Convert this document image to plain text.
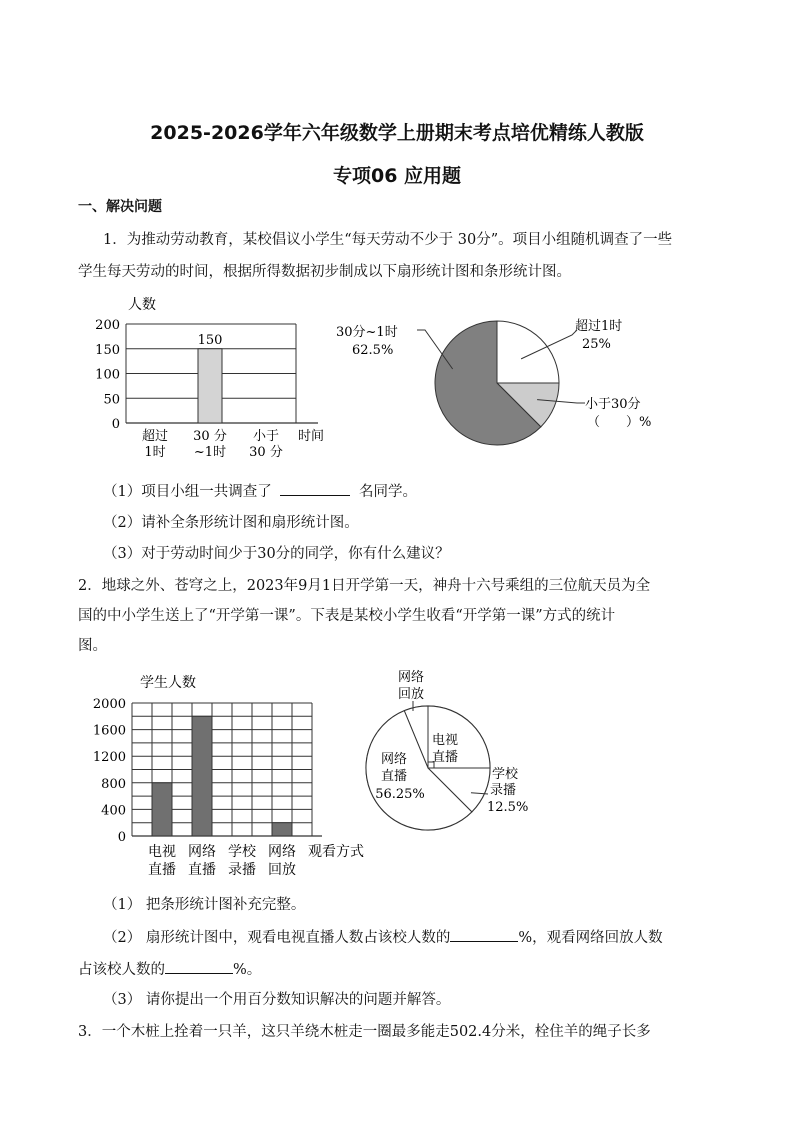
2025-2026学年六年级数学上册期末考点培优精练人教版
专项06 应用题
一、解决问题
1．为推动劳动教育，某校倡议小学生“每天劳动不少于 30分”。项目小组随机调查了一些
学生每天劳动的时间，根据所得数据初步制成以下扇形统计图和条形统计图。
人数
0
50
100
150
200
超过
1时
150
30 分
~1时
小于
30 分
时间
超过1时
25%
小于30分
（　　）%
30分~1时
62.5%
（1）项目小组一共调查了	名同学。
（2）请补全条形统计图和扇形统计图。
（3）对于劳动时间少于30分的同学，你有什么建议？
2．地球之外、苍穹之上，2023年9月1日开学第一天，神舟十六号乘组的三位航天员为全
国的中小学生送上了“开学第一课”。下表是某校小学生收看“开学第一课”方式的统计
图。
学生人数
0
400
800
1200
1600
2000
电视
直播
网络
直播
学校
录播
网络
回放
观看方式
网络
回放
电视
直播
学校
录播
12.5%
网络
直播
56.25%
（1） 把条形统计图补充完整。
（2） 扇形统计图中，观看电视直播人数占该校人数的	%，观看网络回放人数
占该校人数的	%。
（3） 请你提出一个用百分数知识解决的问题并解答。
3．一个木桩上拴着一只羊，这只羊绕木桩走一圈最多能走502.4分米，栓住羊的绳子长多
